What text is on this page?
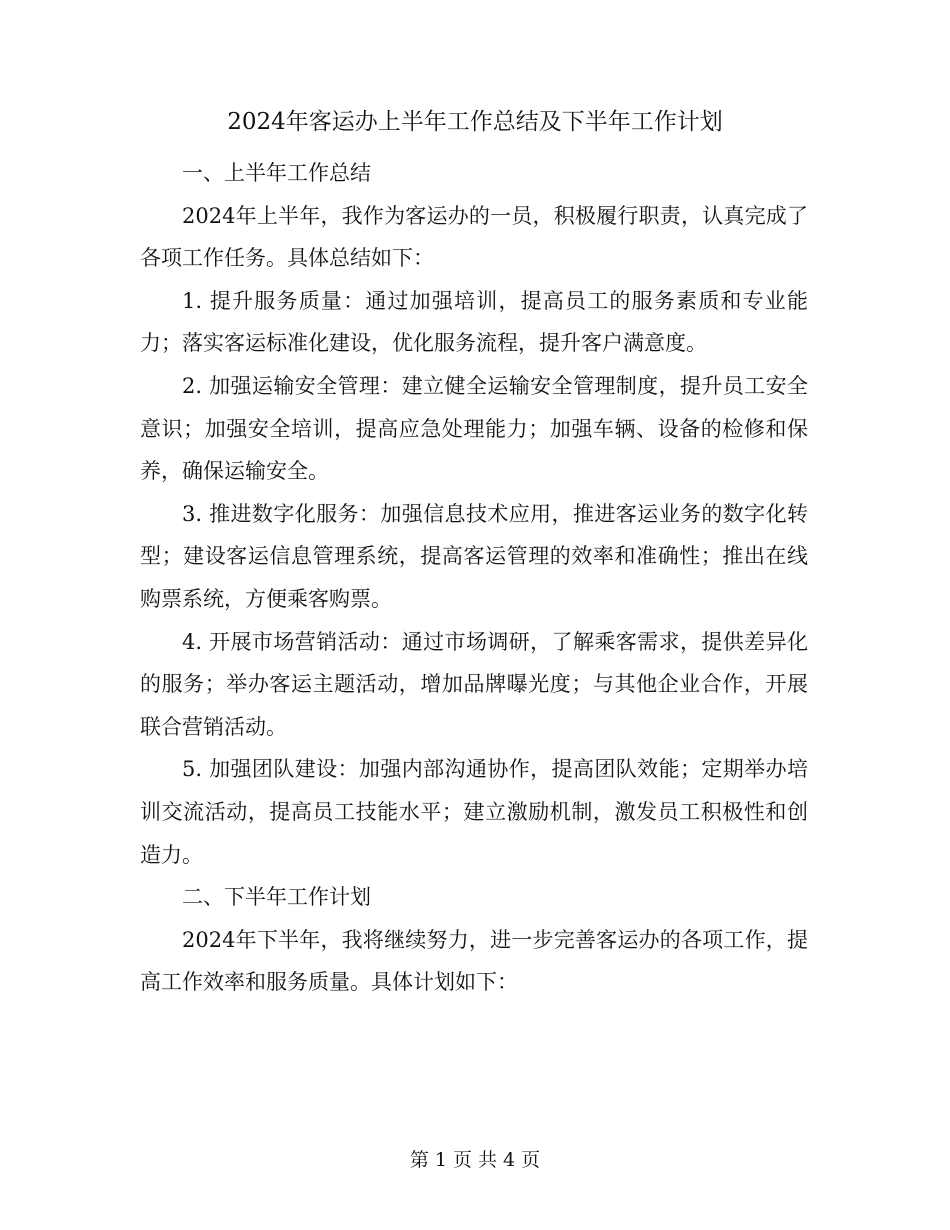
2024年客运办上半年工作总结及下半年工作计划

一、上半年工作总结

2024年上半年，我作为客运办的一员，积极履行职责，认真完成了各项工作任务。具体总结如下：

1. 提升服务质量：通过加强培训，提高员工的服务素质和专业能力；落实客运标准化建设，优化服务流程，提升客户满意度。

2. 加强运输安全管理：建立健全运输安全管理制度，提升员工安全意识；加强安全培训，提高应急处理能力；加强车辆、设备的检修和保养，确保运输安全。

3. 推进数字化服务：加强信息技术应用，推进客运业务的数字化转型；建设客运信息管理系统，提高客运管理的效率和准确性；推出在线购票系统，方便乘客购票。

4. 开展市场营销活动：通过市场调研，了解乘客需求，提供差异化的服务；举办客运主题活动，增加品牌曝光度；与其他企业合作，开展联合营销活动。

5. 加强团队建设：加强内部沟通协作，提高团队效能；定期举办培训交流活动，提高员工技能水平；建立激励机制，激发员工积极性和创造力。

二、下半年工作计划

2024年下半年，我将继续努力，进一步完善客运办的各项工作，提高工作效率和服务质量。具体计划如下：

第 1 页 共 4 页
